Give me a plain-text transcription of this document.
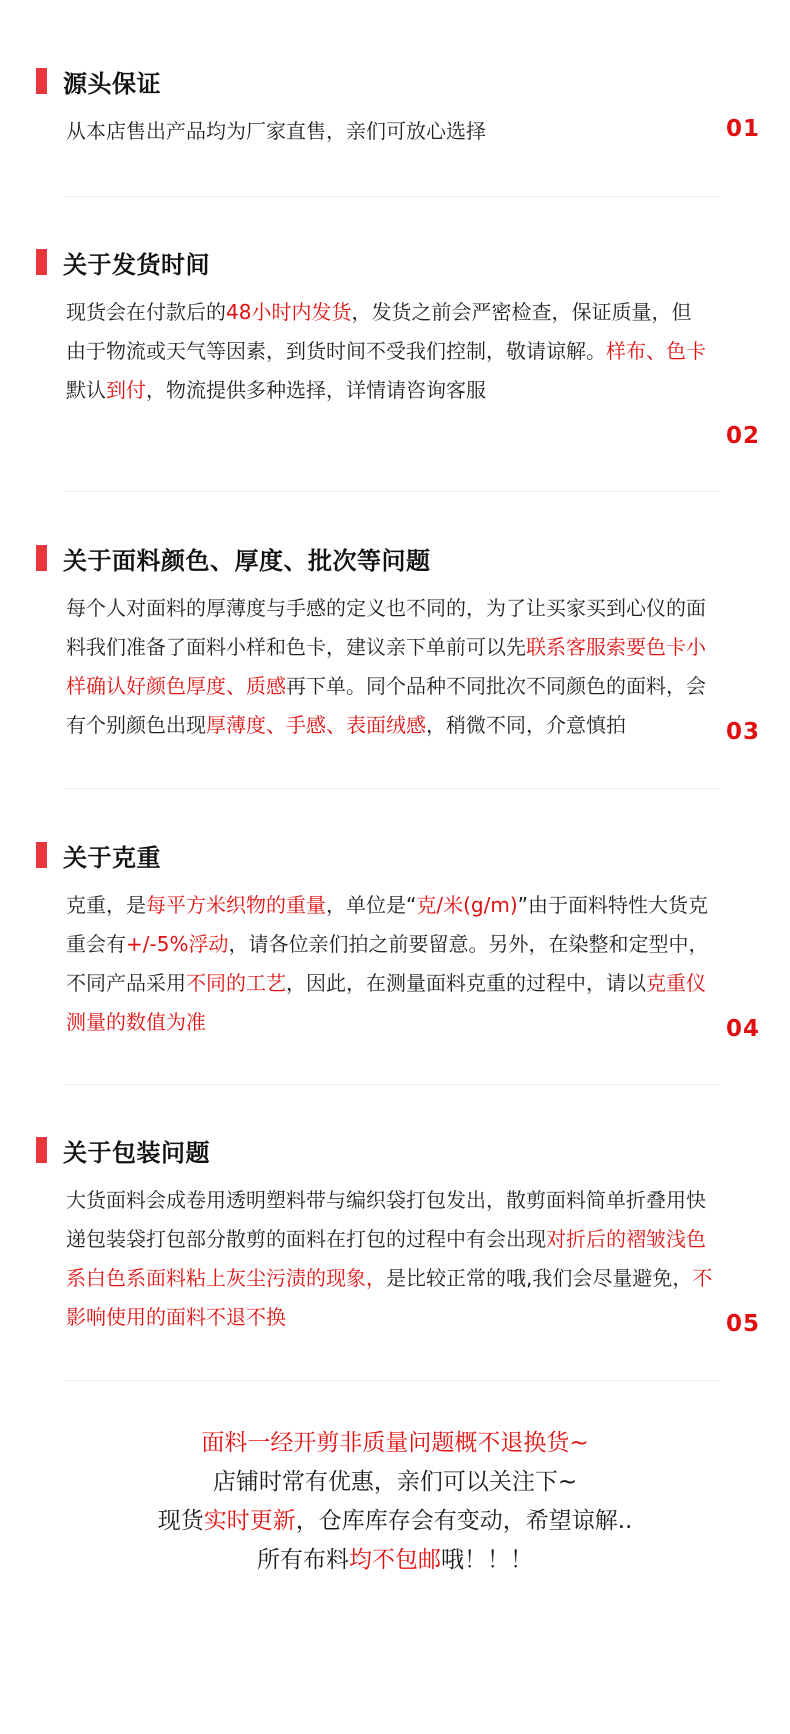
源头保证
从本店售出产品均为厂家直售，亲们可放心选择	01
关于发货时间
现货会在付款后的48小时内发货，发货之前会严密检查，保证质量，但由于物流或天气等因素，到货时间不受我们控制，敬请谅解。样布、色卡默认到付，物流提供多种选择，详情请咨询客服
02
关于面料颜色、厚度、批次等问题
每个人对面料的厚薄度与手感的定义也不同的，为了让买家买到心仪的面料我们准备了面料小样和色卡，建议亲下单前可以先联系客服索要色卡小样确认好颜色厚度、质感再下单。同个品种不同批次不同颜色的面料，会有个别颜色出现厚薄度、手感、表面绒感，稍微不同，介意慎拍	03
关于克重
克重，是每平方米织物的重量，单位是“克/米(g/m)”由于面料特性大货克重会有+/-5%浮动，请各位亲们拍之前要留意。另外，在染整和定型中，不同产品采用不同的工艺，因此，在测量面料克重的过程中，请以克重仪测量的数值为准	04
关于包装问题
大货面料会成卷用透明塑料带与编织袋打包发出，散剪面料简单折叠用快递包装袋打包部分散剪的面料在打包的过程中有会出现对折后的褶皱浅色系白色系面料粘上灰尘污渍的现象，是比较正常的哦,我们会尽量避免，不影响使用的面料不退不换	05
面料一经开剪非质量问题概不退换货~
店铺时常有优惠，亲们可以关注下~
现货实时更新，仓库库存会有变动，希望谅解..
所有布料均不包邮哦！！！
